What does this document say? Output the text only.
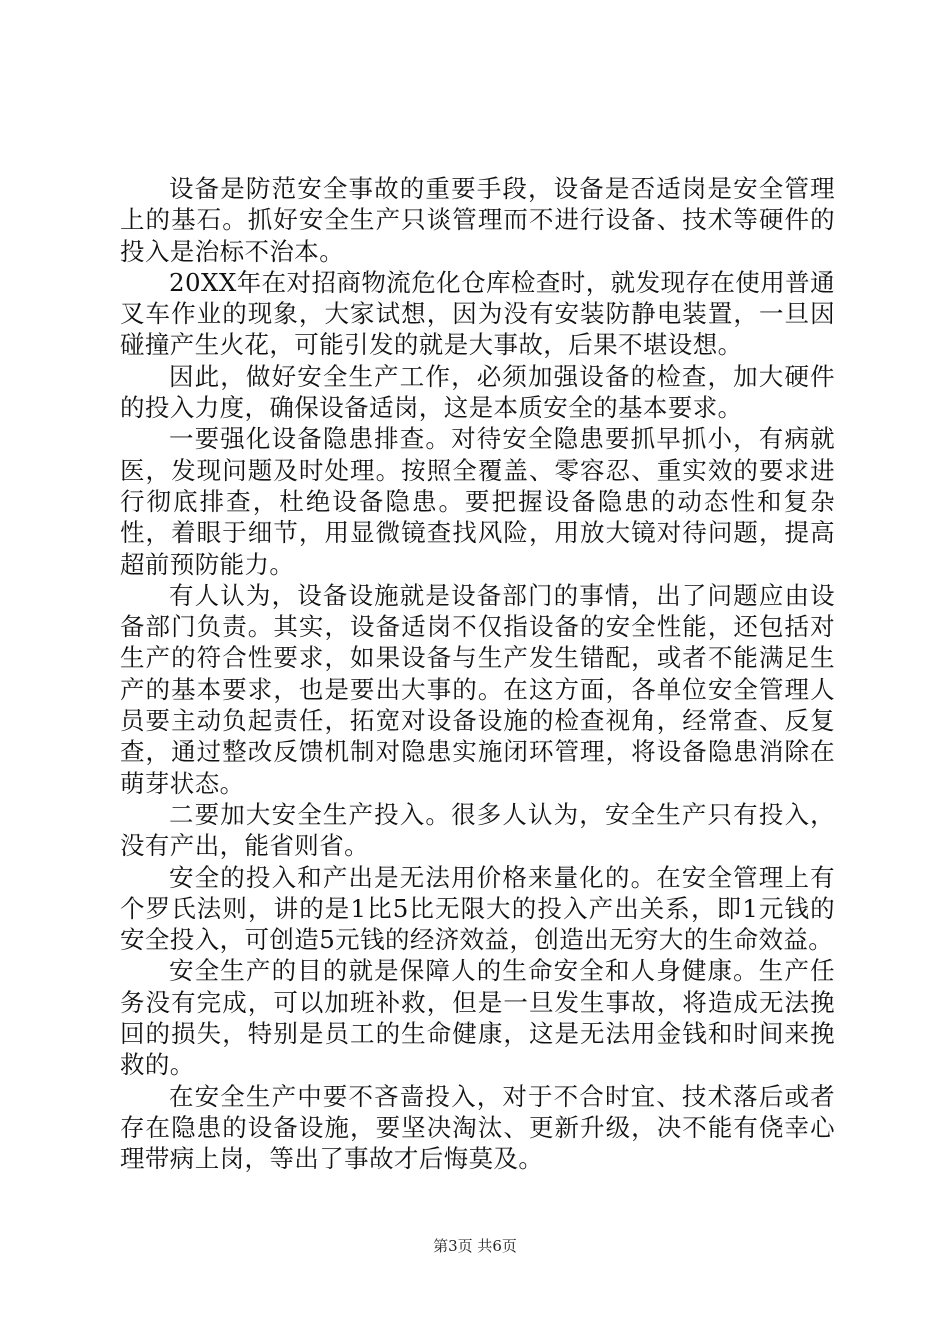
设备是防范安全事故的重要手段，设备是否适岗是安全管理上的基石。抓好安全生产只谈管理而不进行设备、技术等硬件的投入是治标不治本。

20XX年在对招商物流危化仓库检查时，就发现存在使用普通叉车作业的现象，大家试想，因为没有安装防静电装置，一旦因碰撞产生火花，可能引发的就是大事故，后果不堪设想。

因此，做好安全生产工作，必须加强设备的检查，加大硬件的投入力度，确保设备适岗，这是本质安全的基本要求。

一要强化设备隐患排查。对待安全隐患要抓早抓小，有病就医，发现问题及时处理。按照全覆盖、零容忍、重实效的要求进行彻底排查，杜绝设备隐患。要把握设备隐患的动态性和复杂性，着眼于细节，用显微镜查找风险，用放大镜对待问题，提高超前预防能力。

有人认为，设备设施就是设备部门的事情，出了问题应由设备部门负责。其实，设备适岗不仅指设备的安全性能，还包括对生产的符合性要求，如果设备与生产发生错配，或者不能满足生产的基本要求，也是要出大事的。在这方面，各单位安全管理人员要主动负起责任，拓宽对设备设施的检查视角，经常查、反复查，通过整改反馈机制对隐患实施闭环管理，将设备隐患消除在萌芽状态。

二要加大安全生产投入。很多人认为，安全生产只有投入，没有产出，能省则省。

安全的投入和产出是无法用价格来量化的。在安全管理上有个罗氏法则，讲的是1比5比无限大的投入产出关系，即1元钱的安全投入，可创造5元钱的经济效益，创造出无穷大的生命效益。

安全生产的目的就是保障人的生命安全和人身健康。生产任务没有完成，可以加班补救，但是一旦发生事故，将造成无法挽回的损失，特别是员工的生命健康，这是无法用金钱和时间来挽救的。

在安全生产中要不吝啬投入，对于不合时宜、技术落后或者存在隐患的设备设施，要坚决淘汰、更新升级，决不能有侥幸心理带病上岗，等出了事故才后悔莫及。

第3页 共6页
